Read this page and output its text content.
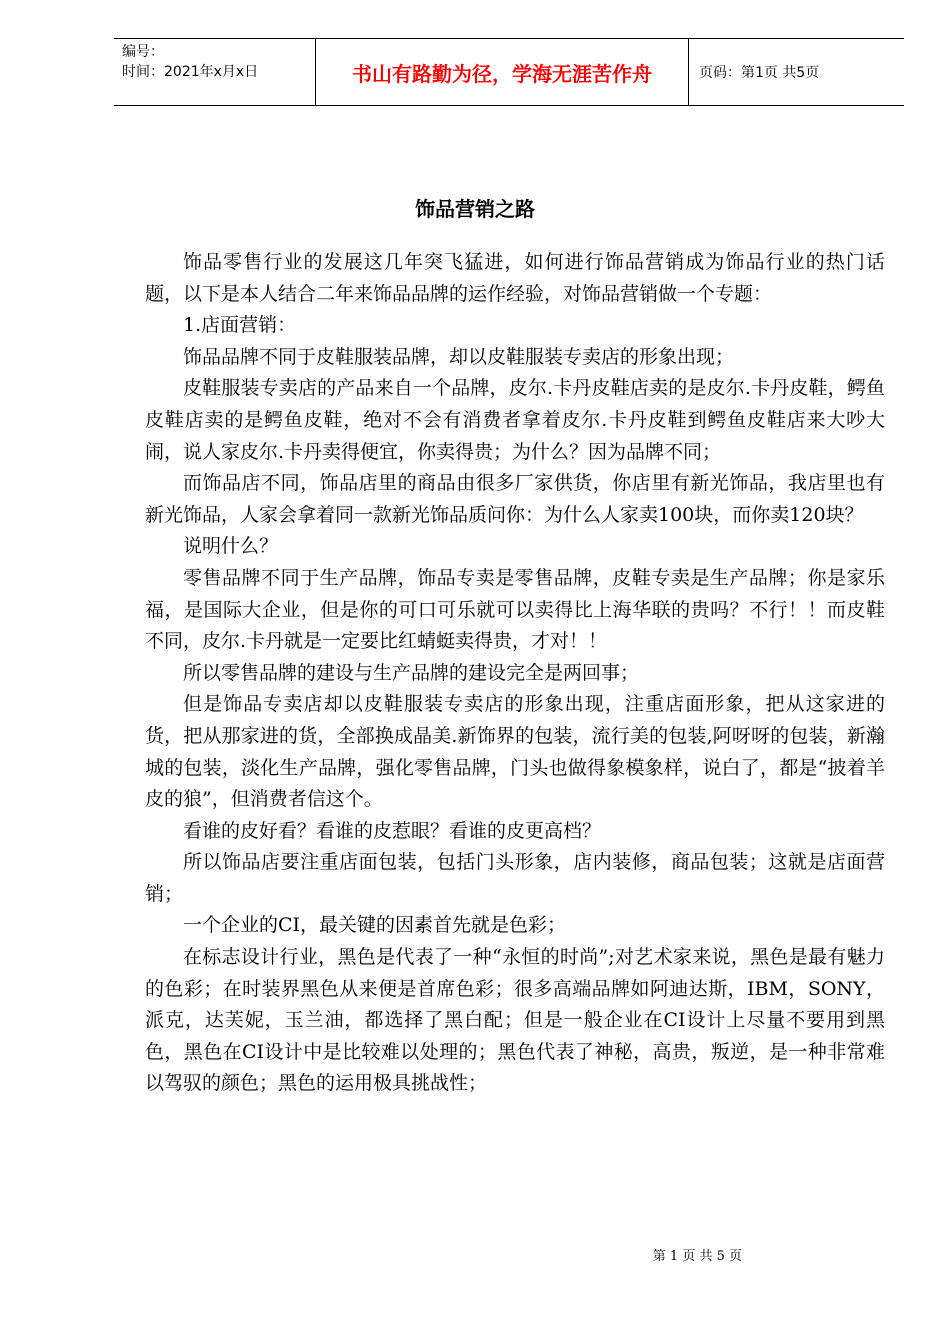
编号：
时间：2021年x月x日	书山有路勤为径，学海无涯苦作舟	页码：第1页 共5页
饰品营销之路

饰品零售行业的发展这几年突飞猛进，如何进行饰品营销成为饰品行业的热门话题，以下是本人结合二年来饰品品牌的运作经验，对饰品营销做一个专题：

1.店面营销：

饰品品牌不同于皮鞋服装品牌，却以皮鞋服装专卖店的形象出现；

皮鞋服装专卖店的产品来自一个品牌，皮尔.卡丹皮鞋店卖的是皮尔.卡丹皮鞋，鳄鱼皮鞋店卖的是鳄鱼皮鞋，绝对不会有消费者拿着皮尔.卡丹皮鞋到鳄鱼皮鞋店来大吵大闹，说人家皮尔.卡丹卖得便宜，你卖得贵；为什么？因为品牌不同；

而饰品店不同，饰品店里的商品由很多厂家供货，你店里有新光饰品，我店里也有新光饰品，人家会拿着同一款新光饰品质问你：为什么人家卖100块，而你卖120块？

说明什么？

零售品牌不同于生产品牌，饰品专卖是零售品牌，皮鞋专卖是生产品牌；你是家乐福，是国际大企业，但是你的可口可乐就可以卖得比上海华联的贵吗？不行！！而皮鞋不同，皮尔.卡丹就是一定要比红蜻蜓卖得贵，才对！！

所以零售品牌的建设与生产品牌的建设完全是两回事；

但是饰品专卖店却以皮鞋服装专卖店的形象出现，注重店面形象，把从这家进的货，把从那家进的货，全部换成晶美.新饰界的包装，流行美的包装,阿呀呀的包装，新瀚城的包装，淡化生产品牌，强化零售品牌，门头也做得象模象样，说白了，都是“披着羊皮的狼”，但消费者信这个。

看谁的皮好看？看谁的皮惹眼？看谁的皮更高档？

所以饰品店要注重店面包装，包括门头形象，店内装修，商品包装；这就是店面营销；

一个企业的CI，最关键的因素首先就是色彩；

在标志设计行业，黑色是代表了一种“永恒的时尚”;对艺术家来说，黑色是最有魅力的色彩；在时装界黑色从来便是首席色彩；很多高端品牌如阿迪达斯，IBM，SONY，派克，达芙妮，玉兰油，都选择了黑白配；但是一般企业在CI设计上尽量不要用到黑色，黑色在CI设计中是比较难以处理的；黑色代表了神秘，高贵，叛逆，是一种非常难以驾驭的颜色；黑色的运用极具挑战性；

第 1 页 共 5 页
